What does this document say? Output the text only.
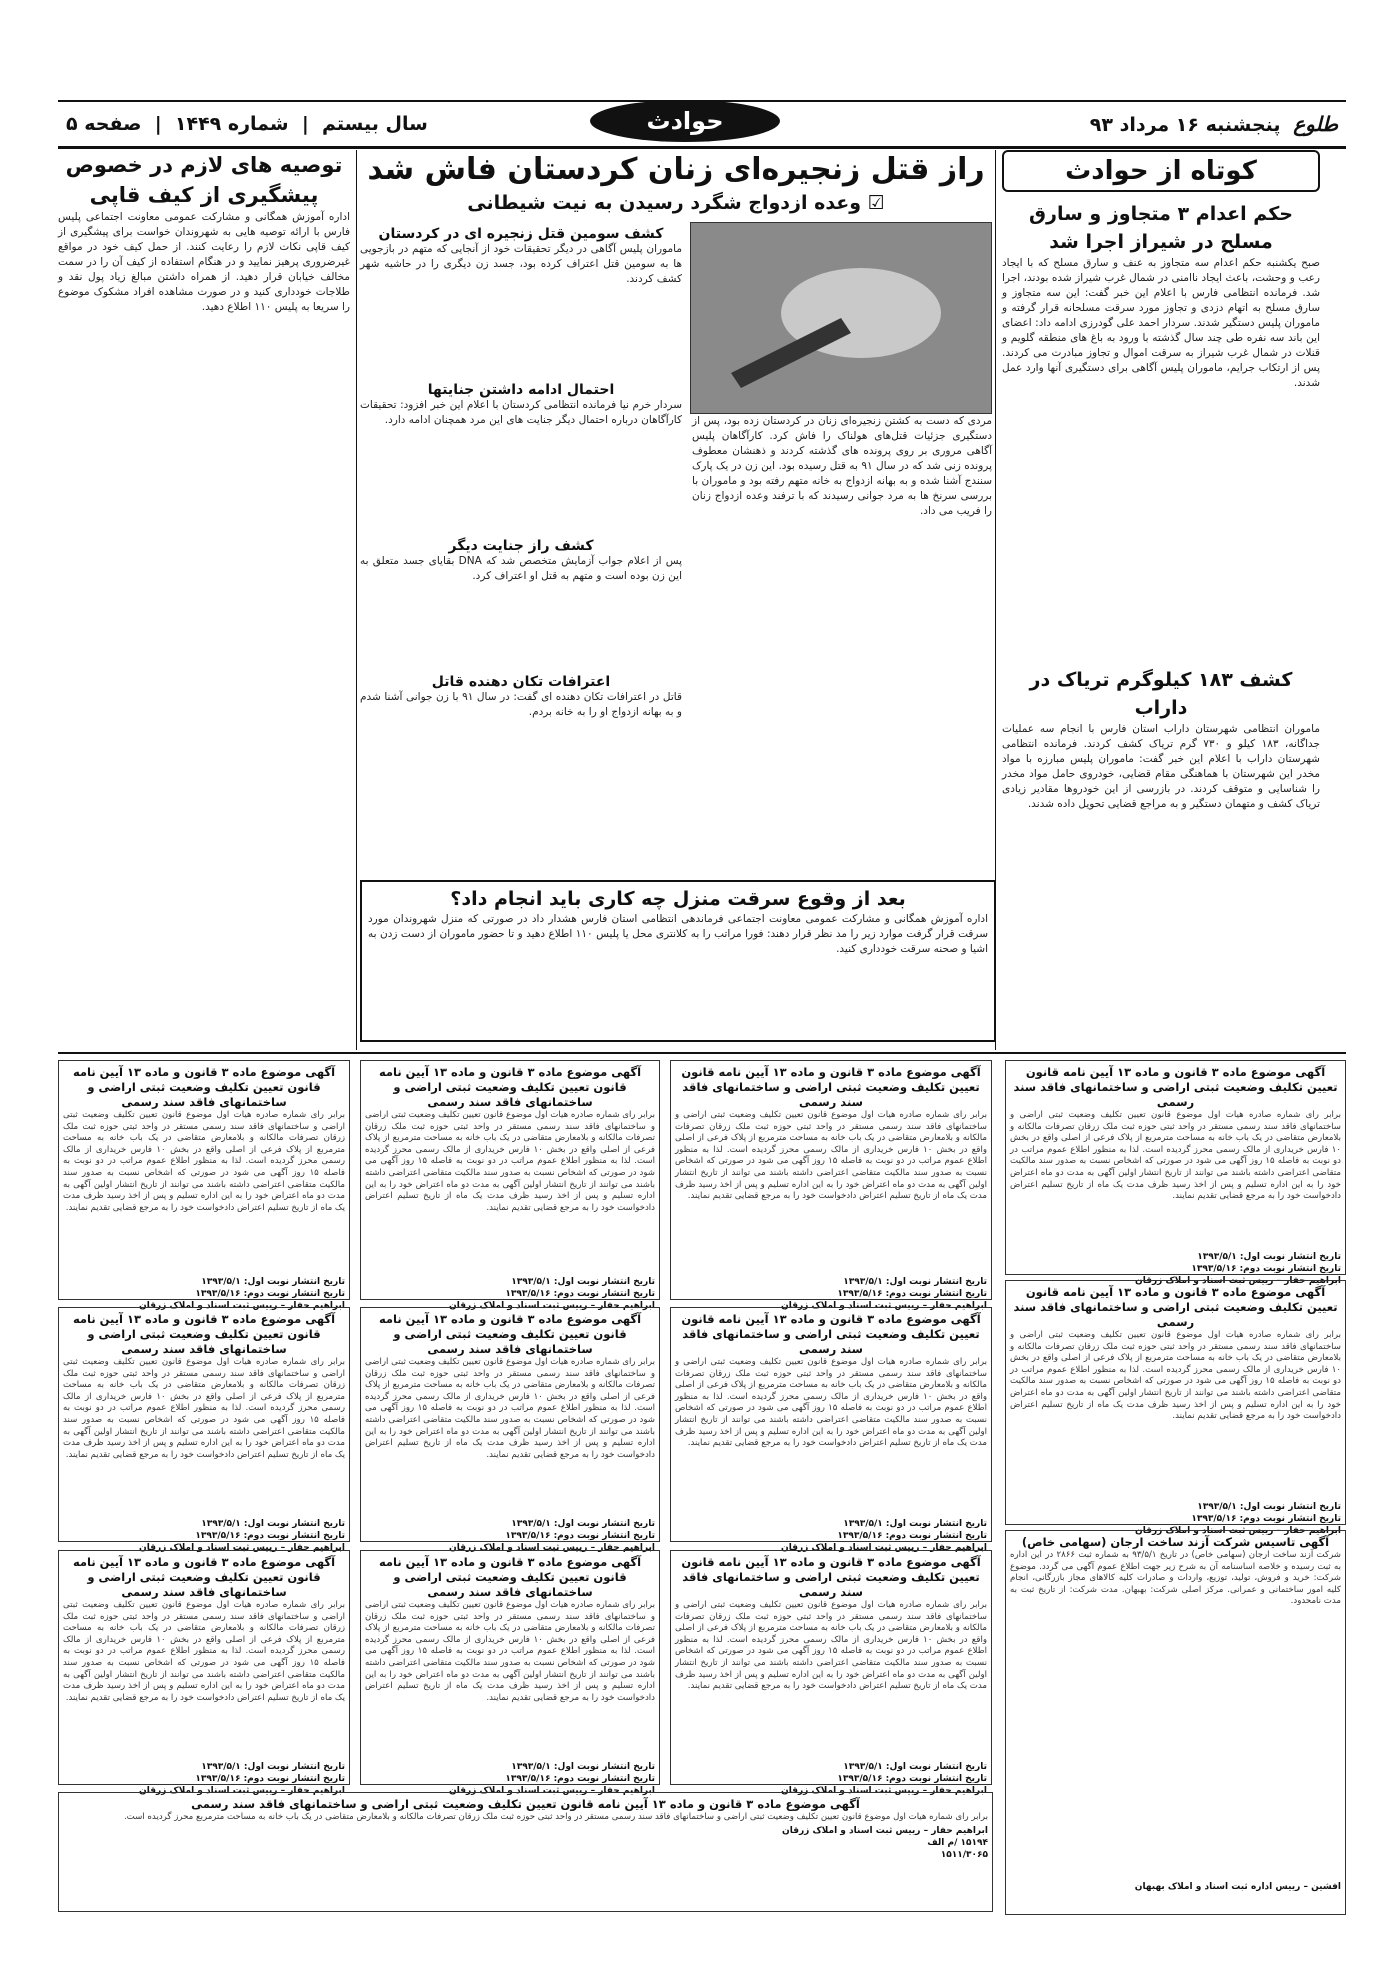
طلوع پنجشنبه ۱۶ مرداد ۹۳
سال بیستم  |  شماره ۱۴۴۹  |  صفحه ۵	حوادث
کوتاه از حوادث
حکم اعدام ۳ متجاوز و سارق مسلح در شیراز اجرا شد
صبح یکشنبه حکم اعدام سه متجاوز به عنف و سارق مسلح که با ایجاد رعب و وحشت، باعث ایجاد ناامنی در شمال غرب شیراز شده بودند، اجرا شد. فرمانده انتظامی فارس با اعلام این خبر گفت: این سه متجاوز و سارق مسلح به اتهام دزدی و تجاوز مورد سرقت مسلحانه قرار گرفته و ماموران پلیس دستگیر شدند. سردار احمد علی گودرزی ادامه داد: اعضای این باند سه نفره طی چند سال گذشته با ورود به باغ های منطقه گلویم و قنلات در شمال غرب شیراز به سرقت اموال و تجاوز مبادرت می کردند. پس از ارتکاب جرایم، ماموران پلیس آگاهی برای دستگیری آنها وارد عمل شدند.
کشف ۱۸۳ کیلوگرم تریاک در داراب
ماموران انتظامی شهرستان داراب استان فارس با انجام سه عملیات جداگانه، ۱۸۳ کیلو و ۷۳۰ گرم تریاک کشف کردند. فرمانده انتظامی شهرستان داراب با اعلام این خبر گفت: ماموران پلیس مبارزه با مواد مخدر این شهرستان با هماهنگی مقام قضایی، خودروی حامل مواد مخدر را شناسایی و متوقف کردند. در بازرسی از این خودروها مقادیر زیادی تریاک کشف و متهمان دستگیر و به مراجع قضایی تحویل داده شدند.
راز قتل زنجیره‌ای زنان کردستان فاش شد
☑ وعده ازدواج شگرد رسیدن به نیت شیطانی
مردی که دست به کشتن زنجیره‌ای زنان در کردستان زده بود، پس از دستگیری جزئیات قتل‌های هولناک را فاش کرد. کارآگاهان پلیس آگاهی مروری بر روی پرونده های گذشته کردند و ذهنشان معطوف پرونده زنی شد که در سال ۹۱ به قتل رسیده بود. این زن در یک پارک سنندج آشنا شده و به بهانه ازدواج به خانه متهم رفته بود و ماموران با بررسی سرنخ ها به مرد جوانی رسیدند که با ترفند وعده ازدواج زنان را فریب می داد.
کشف سومین قتل زنجیره ای در کردستان
ماموران پلیس آگاهی در دیگر تحقیقات خود از آنجایی که متهم در بازجویی ها به سومین قتل اعتراف کرده بود، جسد زن دیگری را در حاشیه شهر کشف کردند.
احتمال ادامه داشتن جنایتها
سردار خرم نیا فرمانده انتظامی کردستان با اعلام این خبر افزود: تحقیقات کارآگاهان درباره احتمال دیگر جنایت های این مرد همچنان ادامه دارد.
کشف راز جنایت دیگر
پس از اعلام جواب آزمایش متخصص شد که DNA بقایای جسد متعلق به این زن بوده است و متهم به قتل او اعتراف کرد.
اعترافات تکان دهنده قاتل
قاتل در اعترافات تکان دهنده ای گفت: در سال ۹۱ با زن جوانی آشنا شدم و به بهانه ازدواج او را به خانه بردم.
بعد از وقوع سرقت منزل چه کاری باید انجام داد؟
اداره آموزش همگانی و مشارکت عمومی معاونت اجتماعی فرماندهی انتظامی استان فارس هشدار داد در صورتی که منزل شهروندان مورد سرقت قرار گرفت موارد زیر را مد نظر قرار دهند: فورا مراتب را به کلانتری محل یا پلیس ۱۱۰ اطلاع دهید و تا حضور ماموران از دست زدن به اشیا و صحنه سرقت خودداری کنید.
توصیه های لازم در خصوص پیشگیری از کیف قاپی
اداره آموزش همگانی و مشارکت عمومی معاونت اجتماعی پلیس فارس با ارائه توصیه هایی به شهروندان خواست برای پیشگیری از کیف قاپی نکات لازم را رعایت کنند. از حمل کیف خود در مواقع غیرضروری پرهیز نمایید و در هنگام استفاده از کیف آن را در سمت مخالف خیابان قرار دهید. از همراه داشتن مبالغ زیاد پول نقد و طلاجات خودداری کنید و در صورت مشاهده افراد مشکوک موضوع را سریعا به پلیس ۱۱۰ اطلاع دهید.
آگهی موضوع ماده ۳ قانون و ماده ۱۳ آیین نامه قانون تعیین تکلیف وضعیت ثبتی اراضی و ساختمانهای فاقد سند رسمی
برابر رای شماره صادره هیات اول موضوع قانون تعیین تکلیف وضعیت ثبتی اراضی و ساختمانهای فاقد سند رسمی مستقر در واحد ثبتی حوزه ثبت ملک زرقان تصرفات مالکانه و بلامعارض متقاضی در یک باب خانه به مساحت مترمربع از پلاک فرعی از اصلی واقع در بخش ۱۰ فارس خریداری از مالک رسمی محرز گردیده است. لذا به منظور اطلاع عموم مراتب در دو نوبت به فاصله ۱۵ روز آگهی می شود در صورتی که اشخاص نسبت به صدور سند مالکیت متقاضی اعتراضی داشته باشند می توانند از تاریخ انتشار اولین آگهی به مدت دو ماه اعتراض خود را به این اداره تسلیم و پس از اخذ رسید ظرف مدت یک ماه از تاریخ تسلیم اعتراض دادخواست خود را به مرجع قضایی تقدیم نمایند.
تاریخ انتشار نوبت اول: ۱۳۹۳/۵/۱
تاریخ انتشار نوبت دوم: ۱۳۹۳/۵/۱۶
ابراهیم حفار – رییس ثبت اسناد و املاک زرقان
آگهی موضوع ماده ۳ قانون و ماده ۱۳ آیین نامه قانون تعیین تکلیف وضعیت ثبتی اراضی و ساختمانهای فاقد سند رسمی
برابر رای شماره صادره هیات اول موضوع قانون تعیین تکلیف وضعیت ثبتی اراضی و ساختمانهای فاقد سند رسمی مستقر در واحد ثبتی حوزه ثبت ملک زرقان تصرفات مالکانه و بلامعارض متقاضی در یک باب خانه به مساحت مترمربع از پلاک فرعی از اصلی واقع در بخش ۱۰ فارس خریداری از مالک رسمی محرز گردیده است. لذا به منظور اطلاع عموم مراتب در دو نوبت به فاصله ۱۵ روز آگهی می شود در صورتی که اشخاص نسبت به صدور سند مالکیت متقاضی اعتراضی داشته باشند می توانند از تاریخ انتشار اولین آگهی به مدت دو ماه اعتراض خود را به این اداره تسلیم و پس از اخذ رسید ظرف مدت یک ماه از تاریخ تسلیم اعتراض دادخواست خود را به مرجع قضایی تقدیم نمایند.
تاریخ انتشار نوبت اول: ۱۳۹۳/۵/۱
تاریخ انتشار نوبت دوم: ۱۳۹۳/۵/۱۶
ابراهیم حفار – رییس ثبت اسناد و املاک زرقان
آگهی موضوع ماده ۳ قانون و ماده ۱۳ آیین نامه قانون تعیین تکلیف وضعیت ثبتی اراضی و ساختمانهای فاقد سند رسمی
برابر رای شماره صادره هیات اول موضوع قانون تعیین تکلیف وضعیت ثبتی اراضی و ساختمانهای فاقد سند رسمی مستقر در واحد ثبتی حوزه ثبت ملک زرقان تصرفات مالکانه و بلامعارض متقاضی در یک باب خانه به مساحت مترمربع از پلاک فرعی از اصلی واقع در بخش ۱۰ فارس خریداری از مالک رسمی محرز گردیده است. لذا به منظور اطلاع عموم مراتب در دو نوبت به فاصله ۱۵ روز آگهی می شود در صورتی که اشخاص نسبت به صدور سند مالکیت متقاضی اعتراضی داشته باشند می توانند از تاریخ انتشار اولین آگهی به مدت دو ماه اعتراض خود را به این اداره تسلیم و پس از اخذ رسید ظرف مدت یک ماه از تاریخ تسلیم اعتراض دادخواست خود را به مرجع قضایی تقدیم نمایند.
تاریخ انتشار نوبت اول: ۱۳۹۳/۵/۱
تاریخ انتشار نوبت دوم: ۱۳۹۳/۵/۱۶
ابراهیم حفار – رییس ثبت اسناد و املاک زرقان
آگهی موضوع ماده ۳ قانون و ماده ۱۳ آیین نامه قانون تعیین تکلیف وضعیت ثبتی اراضی و ساختمانهای فاقد سند رسمی
برابر رای شماره صادره هیات اول موضوع قانون تعیین تکلیف وضعیت ثبتی اراضی و ساختمانهای فاقد سند رسمی مستقر در واحد ثبتی حوزه ثبت ملک زرقان تصرفات مالکانه و بلامعارض متقاضی در یک باب خانه به مساحت مترمربع از پلاک فرعی از اصلی واقع در بخش ۱۰ فارس خریداری از مالک رسمی محرز گردیده است. لذا به منظور اطلاع عموم مراتب در دو نوبت به فاصله ۱۵ روز آگهی می شود در صورتی که اشخاص نسبت به صدور سند مالکیت متقاضی اعتراضی داشته باشند می توانند از تاریخ انتشار اولین آگهی به مدت دو ماه اعتراض خود را به این اداره تسلیم و پس از اخذ رسید ظرف مدت یک ماه از تاریخ تسلیم اعتراض دادخواست خود را به مرجع قضایی تقدیم نمایند.
تاریخ انتشار نوبت اول: ۱۳۹۳/۵/۱
تاریخ انتشار نوبت دوم: ۱۳۹۳/۵/۱۶
ابراهیم حفار – رییس ثبت اسناد و املاک زرقان
آگهی موضوع ماده ۳ قانون و ماده ۱۳ آیین نامه قانون تعیین تکلیف وضعیت ثبتی اراضی و ساختمانهای فاقد سند رسمی
برابر رای شماره صادره هیات اول موضوع قانون تعیین تکلیف وضعیت ثبتی اراضی و ساختمانهای فاقد سند رسمی مستقر در واحد ثبتی حوزه ثبت ملک زرقان تصرفات مالکانه و بلامعارض متقاضی در یک باب خانه به مساحت مترمربع از پلاک فرعی از اصلی واقع در بخش ۱۰ فارس خریداری از مالک رسمی محرز گردیده است. لذا به منظور اطلاع عموم مراتب در دو نوبت به فاصله ۱۵ روز آگهی می شود در صورتی که اشخاص نسبت به صدور سند مالکیت متقاضی اعتراضی داشته باشند می توانند از تاریخ انتشار اولین آگهی به مدت دو ماه اعتراض خود را به این اداره تسلیم و پس از اخذ رسید ظرف مدت یک ماه از تاریخ تسلیم اعتراض دادخواست خود را به مرجع قضایی تقدیم نمایند.
تاریخ انتشار نوبت اول: ۱۳۹۳/۵/۱
تاریخ انتشار نوبت دوم: ۱۳۹۳/۵/۱۶
ابراهیم حفار – رییس ثبت اسناد و املاک زرقان
آگهی موضوع ماده ۳ قانون و ماده ۱۳ آیین نامه قانون تعیین تکلیف وضعیت ثبتی اراضی و ساختمانهای فاقد سند رسمی
برابر رای شماره صادره هیات اول موضوع قانون تعیین تکلیف وضعیت ثبتی اراضی و ساختمانهای فاقد سند رسمی مستقر در واحد ثبتی حوزه ثبت ملک زرقان تصرفات مالکانه و بلامعارض متقاضی در یک باب خانه به مساحت مترمربع از پلاک فرعی از اصلی واقع در بخش ۱۰ فارس خریداری از مالک رسمی محرز گردیده است. لذا به منظور اطلاع عموم مراتب در دو نوبت به فاصله ۱۵ روز آگهی می شود در صورتی که اشخاص نسبت به صدور سند مالکیت متقاضی اعتراضی داشته باشند می توانند از تاریخ انتشار اولین آگهی به مدت دو ماه اعتراض خود را به این اداره تسلیم و پس از اخذ رسید ظرف مدت یک ماه از تاریخ تسلیم اعتراض دادخواست خود را به مرجع قضایی تقدیم نمایند.
تاریخ انتشار نوبت اول: ۱۳۹۳/۵/۱
تاریخ انتشار نوبت دوم: ۱۳۹۳/۵/۱۶
ابراهیم حفار – رییس ثبت اسناد و املاک زرقان
آگهی موضوع ماده ۳ قانون و ماده ۱۳ آیین نامه قانون تعیین تکلیف وضعیت ثبتی اراضی و ساختمانهای فاقد سند رسمی
برابر رای شماره صادره هیات اول موضوع قانون تعیین تکلیف وضعیت ثبتی اراضی و ساختمانهای فاقد سند رسمی مستقر در واحد ثبتی حوزه ثبت ملک زرقان تصرفات مالکانه و بلامعارض متقاضی در یک باب خانه به مساحت مترمربع از پلاک فرعی از اصلی واقع در بخش ۱۰ فارس خریداری از مالک رسمی محرز گردیده است. لذا به منظور اطلاع عموم مراتب در دو نوبت به فاصله ۱۵ روز آگهی می شود در صورتی که اشخاص نسبت به صدور سند مالکیت متقاضی اعتراضی داشته باشند می توانند از تاریخ انتشار اولین آگهی به مدت دو ماه اعتراض خود را به این اداره تسلیم و پس از اخذ رسید ظرف مدت یک ماه از تاریخ تسلیم اعتراض دادخواست خود را به مرجع قضایی تقدیم نمایند.
تاریخ انتشار نوبت اول: ۱۳۹۳/۵/۱
تاریخ انتشار نوبت دوم: ۱۳۹۳/۵/۱۶
ابراهیم حفار – رییس ثبت اسناد و املاک زرقان
آگهی موضوع ماده ۳ قانون و ماده ۱۳ آیین نامه قانون تعیین تکلیف وضعیت ثبتی اراضی و ساختمانهای فاقد سند رسمی
برابر رای شماره صادره هیات اول موضوع قانون تعیین تکلیف وضعیت ثبتی اراضی و ساختمانهای فاقد سند رسمی مستقر در واحد ثبتی حوزه ثبت ملک زرقان تصرفات مالکانه و بلامعارض متقاضی در یک باب خانه به مساحت مترمربع از پلاک فرعی از اصلی واقع در بخش ۱۰ فارس خریداری از مالک رسمی محرز گردیده است. لذا به منظور اطلاع عموم مراتب در دو نوبت به فاصله ۱۵ روز آگهی می شود در صورتی که اشخاص نسبت به صدور سند مالکیت متقاضی اعتراضی داشته باشند می توانند از تاریخ انتشار اولین آگهی به مدت دو ماه اعتراض خود را به این اداره تسلیم و پس از اخذ رسید ظرف مدت یک ماه از تاریخ تسلیم اعتراض دادخواست خود را به مرجع قضایی تقدیم نمایند.
تاریخ انتشار نوبت اول: ۱۳۹۳/۵/۱
تاریخ انتشار نوبت دوم: ۱۳۹۳/۵/۱۶
ابراهیم حفار – رییس ثبت اسناد و املاک زرقان
آگهی موضوع ماده ۳ قانون و ماده ۱۳ آیین نامه قانون تعیین تکلیف وضعیت ثبتی اراضی و ساختمانهای فاقد سند رسمی
برابر رای شماره صادره هیات اول موضوع قانون تعیین تکلیف وضعیت ثبتی اراضی و ساختمانهای فاقد سند رسمی مستقر در واحد ثبتی حوزه ثبت ملک زرقان تصرفات مالکانه و بلامعارض متقاضی در یک باب خانه به مساحت مترمربع از پلاک فرعی از اصلی واقع در بخش ۱۰ فارس خریداری از مالک رسمی محرز گردیده است. لذا به منظور اطلاع عموم مراتب در دو نوبت به فاصله ۱۵ روز آگهی می شود در صورتی که اشخاص نسبت به صدور سند مالکیت متقاضی اعتراضی داشته باشند می توانند از تاریخ انتشار اولین آگهی به مدت دو ماه اعتراض خود را به این اداره تسلیم و پس از اخذ رسید ظرف مدت یک ماه از تاریخ تسلیم اعتراض دادخواست خود را به مرجع قضایی تقدیم نمایند.
تاریخ انتشار نوبت اول: ۱۳۹۳/۵/۱
تاریخ انتشار نوبت دوم: ۱۳۹۳/۵/۱۶
ابراهیم حفار – رییس ثبت اسناد و املاک زرقان
آگهی موضوع ماده ۳ قانون و ماده ۱۳ آیین نامه قانون تعیین تکلیف وضعیت ثبتی اراضی و ساختمانهای فاقد سند رسمی
برابر رای شماره صادره هیات اول موضوع قانون تعیین تکلیف وضعیت ثبتی اراضی و ساختمانهای فاقد سند رسمی مستقر در واحد ثبتی حوزه ثبت ملک زرقان تصرفات مالکانه و بلامعارض متقاضی در یک باب خانه به مساحت مترمربع از پلاک فرعی از اصلی واقع در بخش ۱۰ فارس خریداری از مالک رسمی محرز گردیده است. لذا به منظور اطلاع عموم مراتب در دو نوبت به فاصله ۱۵ روز آگهی می شود در صورتی که اشخاص نسبت به صدور سند مالکیت متقاضی اعتراضی داشته باشند می توانند از تاریخ انتشار اولین آگهی به مدت دو ماه اعتراض خود را به این اداره تسلیم و پس از اخذ رسید ظرف مدت یک ماه از تاریخ تسلیم اعتراض دادخواست خود را به مرجع قضایی تقدیم نمایند.
تاریخ انتشار نوبت اول: ۱۳۹۳/۵/۱
تاریخ انتشار نوبت دوم: ۱۳۹۳/۵/۱۶
ابراهیم حفار – رییس ثبت اسناد و املاک زرقان
آگهی موضوع ماده ۳ قانون و ماده ۱۳ آیین نامه قانون تعیین تکلیف وضعیت ثبتی اراضی و ساختمانهای فاقد سند رسمی
برابر رای شماره صادره هیات اول موضوع قانون تعیین تکلیف وضعیت ثبتی اراضی و ساختمانهای فاقد سند رسمی مستقر در واحد ثبتی حوزه ثبت ملک زرقان تصرفات مالکانه و بلامعارض متقاضی در یک باب خانه به مساحت مترمربع از پلاک فرعی از اصلی واقع در بخش ۱۰ فارس خریداری از مالک رسمی محرز گردیده است. لذا به منظور اطلاع عموم مراتب در دو نوبت به فاصله ۱۵ روز آگهی می شود در صورتی که اشخاص نسبت به صدور سند مالکیت متقاضی اعتراضی داشته باشند می توانند از تاریخ انتشار اولین آگهی به مدت دو ماه اعتراض خود را به این اداره تسلیم و پس از اخذ رسید ظرف مدت یک ماه از تاریخ تسلیم اعتراض دادخواست خود را به مرجع قضایی تقدیم نمایند.
تاریخ انتشار نوبت اول: ۱۳۹۳/۵/۱
تاریخ انتشار نوبت دوم: ۱۳۹۳/۵/۱۶
ابراهیم حفار – رییس ثبت اسناد و املاک زرقان
آگهی موضوع ماده ۳ قانون و ماده ۱۳ آیین نامه قانون تعیین تکلیف وضعیت ثبتی اراضی و ساختمانهای فاقد سند رسمی
برابر رای شماره هیات اول موضوع قانون تعیین تکلیف وضعیت ثبتی اراضی و ساختمانهای فاقد سند رسمی مستقر در واحد ثبتی حوزه ثبت ملک زرقان تصرفات مالکانه و بلامعارض متقاضی در یک باب خانه به مساحت مترمربع محرز گردیده است.
ابراهیم حفار – رییس ثبت اسناد و املاک زرقان
۱۵۱۹۴ /م الف
۱۵۱۱/۳۰۶۵
آگهی تاسیس شرکت آزند ساخت ارجان (سهامی خاص)
شرکت آزند ساخت ارجان (سهامی خاص) در تاریخ ۹۳/۵/۱ به شماره ثبت ۲۸۶۶ در این اداره به ثبت رسیده و خلاصه اساسنامه آن به شرح زیر جهت اطلاع عموم آگهی می گردد. موضوع شرکت: خرید و فروش، تولید، توزیع، واردات و صادرات کلیه کالاهای مجاز بازرگانی، انجام کلیه امور ساختمانی و عمرانی. مرکز اصلی شرکت: بهبهان. مدت شرکت: از تاریخ ثبت به مدت نامحدود.
افشین – رییس اداره ثبت اسناد و املاک بهبهان
